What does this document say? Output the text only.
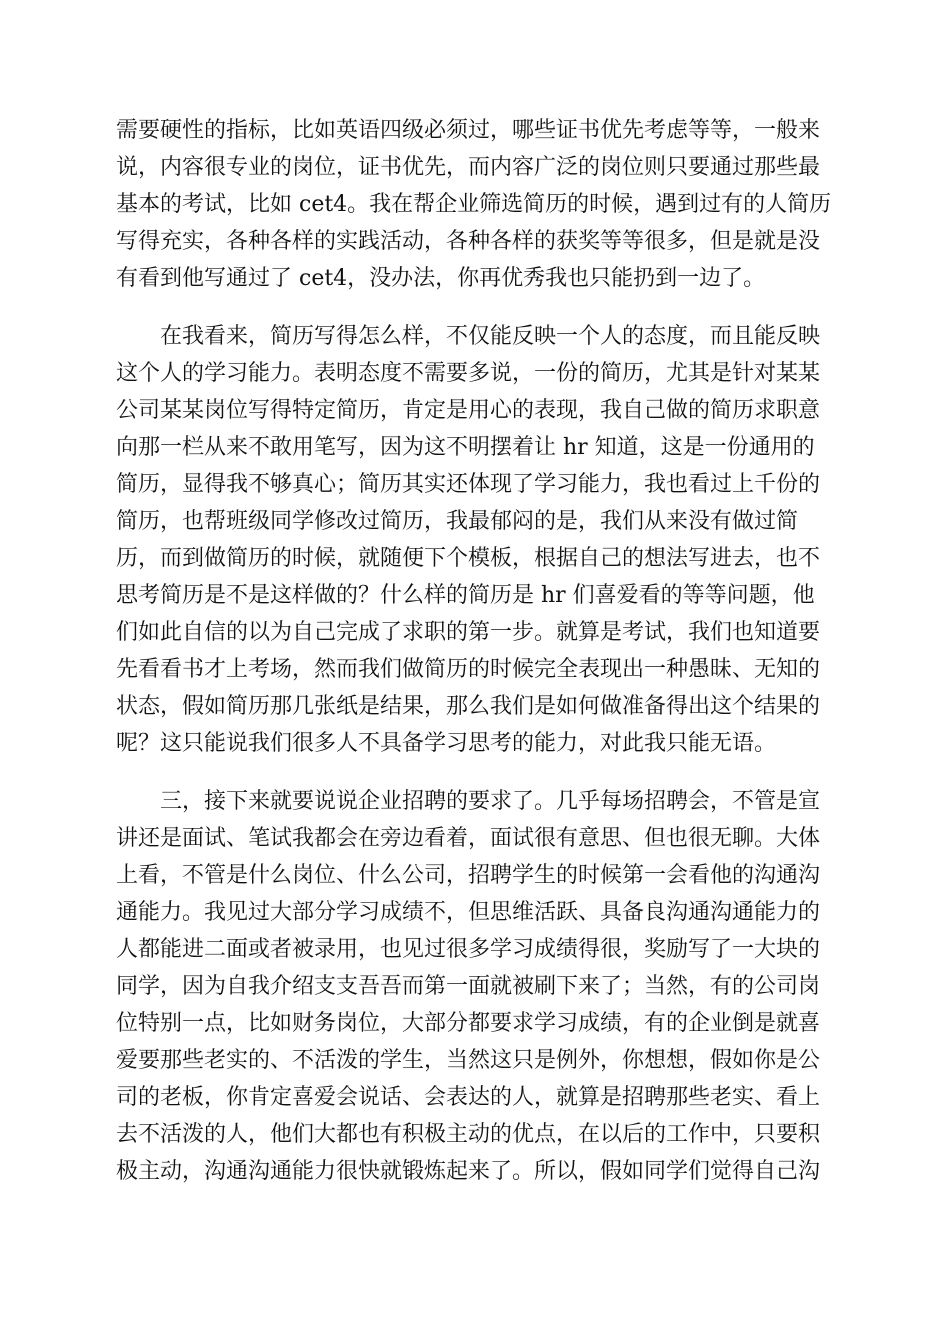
需要硬性的指标，比如英语四级必须过，哪些证书优先考虑等等，一般来
说，内容很专业的岗位，证书优先，而内容广泛的岗位则只要通过那些最
基本的考试，比如 cet4。我在帮企业筛选简历的时候，遇到过有的人简历
写得充实，各种各样的实践活动，各种各样的获奖等等很多，但是就是没
有看到他写通过了 cet4，没办法，你再优秀我也只能扔到一边了。
　　在我看来，简历写得怎么样，不仅能反映一个人的态度，而且能反映
这个人的学习能力。表明态度不需要多说，一份的简历，尤其是针对某某
公司某某岗位写得特定简历，肯定是用心的表现，我自己做的简历求职意
向那一栏从来不敢用笔写，因为这不明摆着让 hr 知道，这是一份通用的
简历，显得我不够真心；简历其实还体现了学习能力，我也看过上千份的
简历，也帮班级同学修改过简历，我最郁闷的是，我们从来没有做过简
历，而到做简历的时候，就随便下个模板，根据自己的想法写进去，也不
思考简历是不是这样做的？什么样的简历是 hr 们喜爱看的等等问题，他
们如此自信的以为自己完成了求职的第一步。就算是考试，我们也知道要
先看看书才上考场，然而我们做简历的时候完全表现出一种愚昧、无知的
状态，假如简历那几张纸是结果，那么我们是如何做准备得出这个结果的
呢？这只能说我们很多人不具备学习思考的能力，对此我只能无语。
　　三，接下来就要说说企业招聘的要求了。几乎每场招聘会，不管是宣
讲还是面试、笔试我都会在旁边看着，面试很有意思、但也很无聊。大体
上看，不管是什么岗位、什么公司，招聘学生的时候第一会看他的沟通沟
通能力。我见过大部分学习成绩不，但思维活跃、具备良沟通沟通能力的
人都能进二面或者被录用，也见过很多学习成绩得很，奖励写了一大块的
同学，因为自我介绍支支吾吾而第一面就被刷下来了；当然，有的公司岗
位特别一点，比如财务岗位，大部分都要求学习成绩，有的企业倒是就喜
爱要那些老实的、不活泼的学生，当然这只是例外，你想想，假如你是公
司的老板，你肯定喜爱会说话、会表达的人，就算是招聘那些老实、看上
去不活泼的人，他们大都也有积极主动的优点，在以后的工作中，只要积
极主动，沟通沟通能力很快就锻炼起来了。所以，假如同学们觉得自己沟
